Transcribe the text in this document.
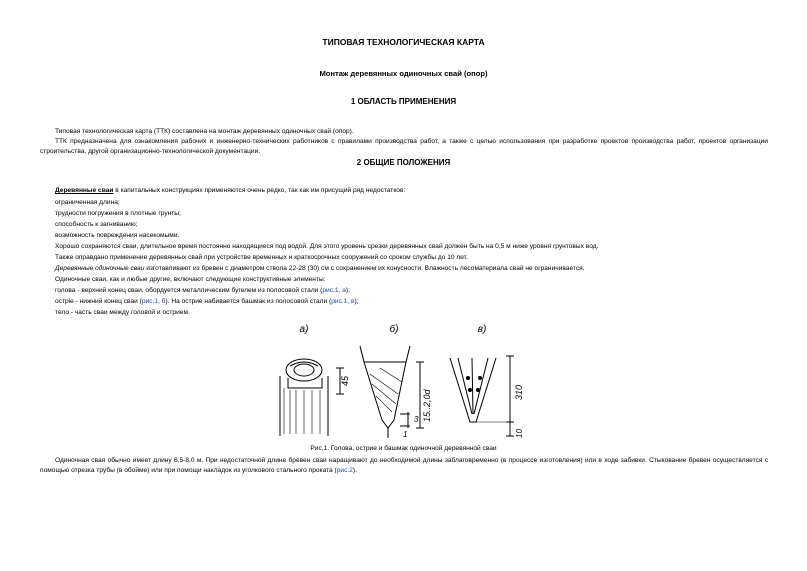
ТИПОВАЯ ТЕХНОЛОГИЧЕСКАЯ КАРТА
Монтаж деревянных одиночных свай (опор)
1 ОБЛАСТЬ ПРИМЕНЕНИЯ
Типовая технологическая карта (ТТК) составлена на монтаж деревянных одиночных свай (опор).
ТТК предназначена для ознакомления рабочих и инженерно-технических работников с правилами производства работ, а также с целью использования при разработке проектов производства работ, проектов организации строительства, другой организационно-технологической документации.
2 ОБЩИЕ ПОЛОЖЕНИЯ
Деревянные сваи в капитальных конструкциях применяются очень редко, так как им присущий ряд недостатков:
ограниченная длина;
трудности погружения в плотные грунты;
способность к загниванию;
возможность повреждения насекомыми.
Хорошо сохраняются сваи, длительное время постоянно находящиеся под водой. Для этого уровень срезки деревянных свай должен быть на 0,5 м ниже уровня грунтовых вод.
Также оправдано применение деревянных свай при устройстве временных и краткосрочных сооружений со сроком службы до 10 лет.
Деревянные одиночные сваи изготавливают из бревен с диаметром ствола 22-28 (30) см с сохранением их конусности. Влажность лесоматериала свай не ограничивается.
Одиночные сваи, как и любые другие, включают следующие конструктивные элементы:
голова - верхний конец сваи, обордуется металлическим бугелем из полосовой стали (рис.1, а);
остріе - нижний конец сваи (рис.1, б). На острие набивается башмак из полосовой стали (рис.1, в);
тело - часть сваи между головой и острием.
а)	б)	в)
45
3 15..2,0d
1
310
10
Рис.1. Голова, острие и башмак одиночной деревянной сваи
Одиночная свая обычно имеет длину 6,5-8,0 м. При недостаточной длине бревен сваи наращивают до необходимой длины заблаговременно (в процессе изготовления) или в ходе забивки. Стыкование бревен осуществляется с помощью отрезка трубы (в обойме) или при помощи накладок из уголкового стального проката (рис.2).
